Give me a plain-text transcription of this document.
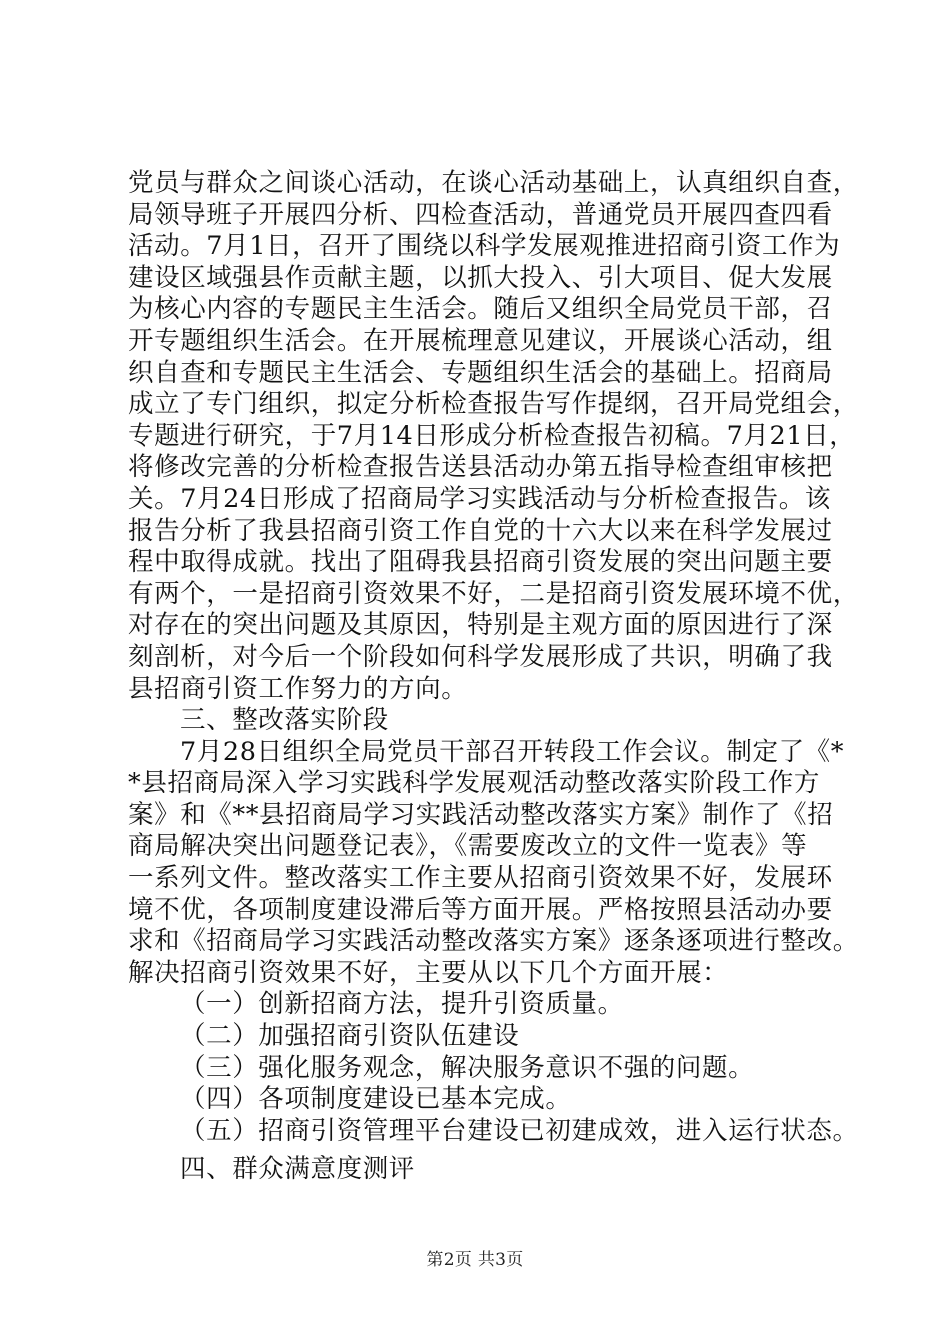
党员与群众之间谈心活动，在谈心活动基础上，认真组织自查，
局领导班子开展四分析、四检查活动，普通党员开展四查四看
活动。7月1日，召开了围绕以科学发展观推进招商引资工作为
建设区域强县作贡献主题，以抓大投入、引大项目、促大发展
为核心内容的专题民主生活会。随后又组织全局党员干部，召
开专题组织生活会。在开展梳理意见建议，开展谈心活动，组
织自查和专题民主生活会、专题组织生活会的基础上。招商局
成立了专门组织，拟定分析检查报告写作提纲，召开局党组会，
专题进行研究，于7月14日形成分析检查报告初稿。7月21日，
将修改完善的分析检查报告送县活动办第五指导检查组审核把
关。7月24日形成了招商局学习实践活动与分析检查报告。该
报告分析了我县招商引资工作自党的十六大以来在科学发展过
程中取得成就。找出了阻碍我县招商引资发展的突出问题主要
有两个，一是招商引资效果不好，二是招商引资发展环境不优，
对存在的突出问题及其原因，特别是主观方面的原因进行了深
刻剖析，对今后一个阶段如何科学发展形成了共识，明确了我
县招商引资工作努力的方向。
三、整改落实阶段
7月28日组织全局党员干部召开转段工作会议。制定了《*
*县招商局深入学习实践科学发展观活动整改落实阶段工作方
案》和《**县招商局学习实践活动整改落实方案》制作了《招
商局解决突出问题登记表》，《需要废改立的文件一览表》等
一系列文件。整改落实工作主要从招商引资效果不好，发展环
境不优，各项制度建设滞后等方面开展。严格按照县活动办要
求和《招商局学习实践活动整改落实方案》逐条逐项进行整改。
解决招商引资效果不好，主要从以下几个方面开展：
（一）创新招商方法，提升引资质量。
（二）加强招商引资队伍建设
（三）强化服务观念，解决服务意识不强的问题。
（四）各项制度建设已基本完成。
（五）招商引资管理平台建设已初建成效，进入运行状态。
四、群众满意度测评
第2页 共3页
